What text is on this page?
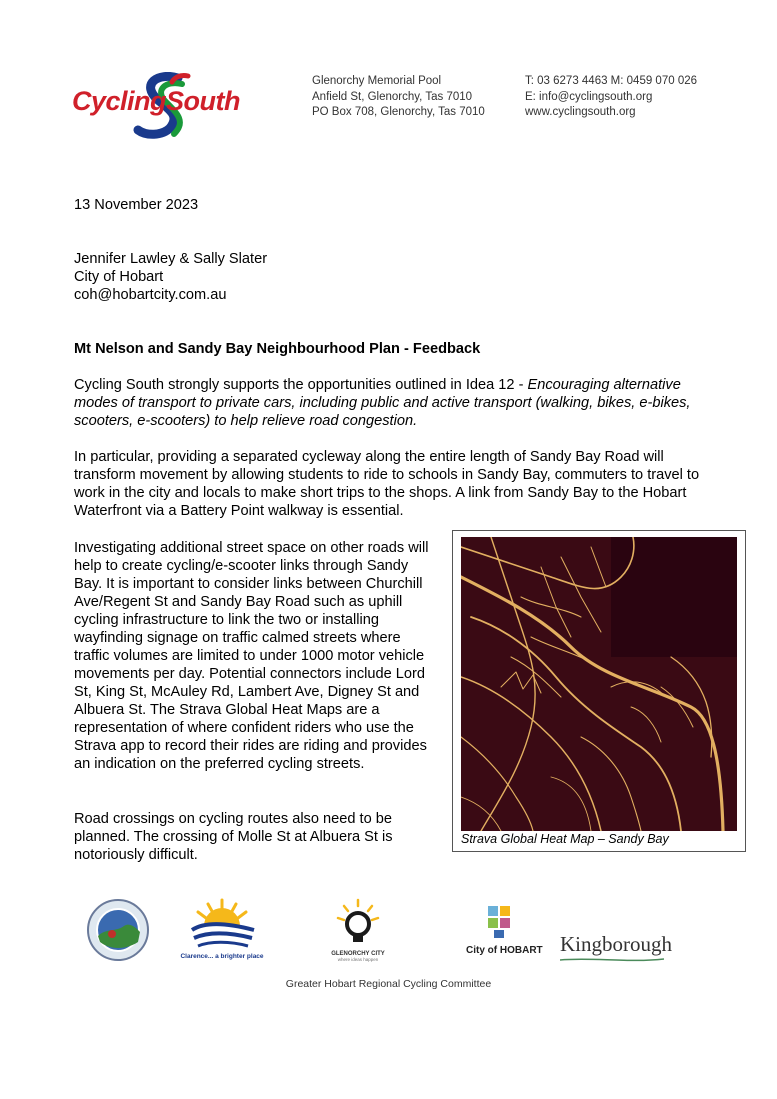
CyclingSouth
Glenorchy Memorial Pool
Anfield St, Glenorchy, Tas 7010
PO Box 708, Glenorchy, Tas 7010
T: 03 6273 4463 M: 0459 070 026
E: info@cyclingsouth.org
www.cyclingsouth.org
13 November 2023
Jennifer Lawley & Sally Slater
City of Hobart
coh@hobartcity.com.au
Mt Nelson and Sandy Bay Neighbourhood Plan - Feedback
Cycling South strongly supports the opportunities outlined in Idea 12 - Encouraging alternative modes of transport to private cars, including public and active transport (walking, bikes, e-bikes, scooters, e-scooters) to help relieve road congestion.
In particular, providing a separated cycleway along the entire length of Sandy Bay Road will transform movement by allowing students to ride to schools in Sandy Bay, commuters to travel to work in the city and locals to make short trips to the shops. A link from Sandy Bay to the Hobart Waterfront via a Battery Point walkway is essential.
Investigating additional street space on other roads will help to create cycling/e-scooter links through Sandy Bay. It is important to consider links between Churchill Ave/Regent St and Sandy Bay Road such as uphill cycling infrastructure to link the two or installing wayfinding signage on traffic calmed streets where traffic volumes are limited to under 1000 motor vehicle movements per day. Potential connectors include Lord St, King St, McAuley Rd, Lambert Ave, Digney St and Albuera St. The Strava Global Heat Maps are a representation of where confident riders who use the Strava app to record their rides are riding and provides an indication on the preferred cycling streets.
Road crossings on cycling routes also need to be planned. The crossing of Molle St at Albuera St is notoriously difficult.
Strava Global Heat Map – Sandy Bay
Clarence... a brighter place	GLENORCHY CITY
where ideas happen
City of HOBART Kingborough
Greater Hobart Regional Cycling Committee
